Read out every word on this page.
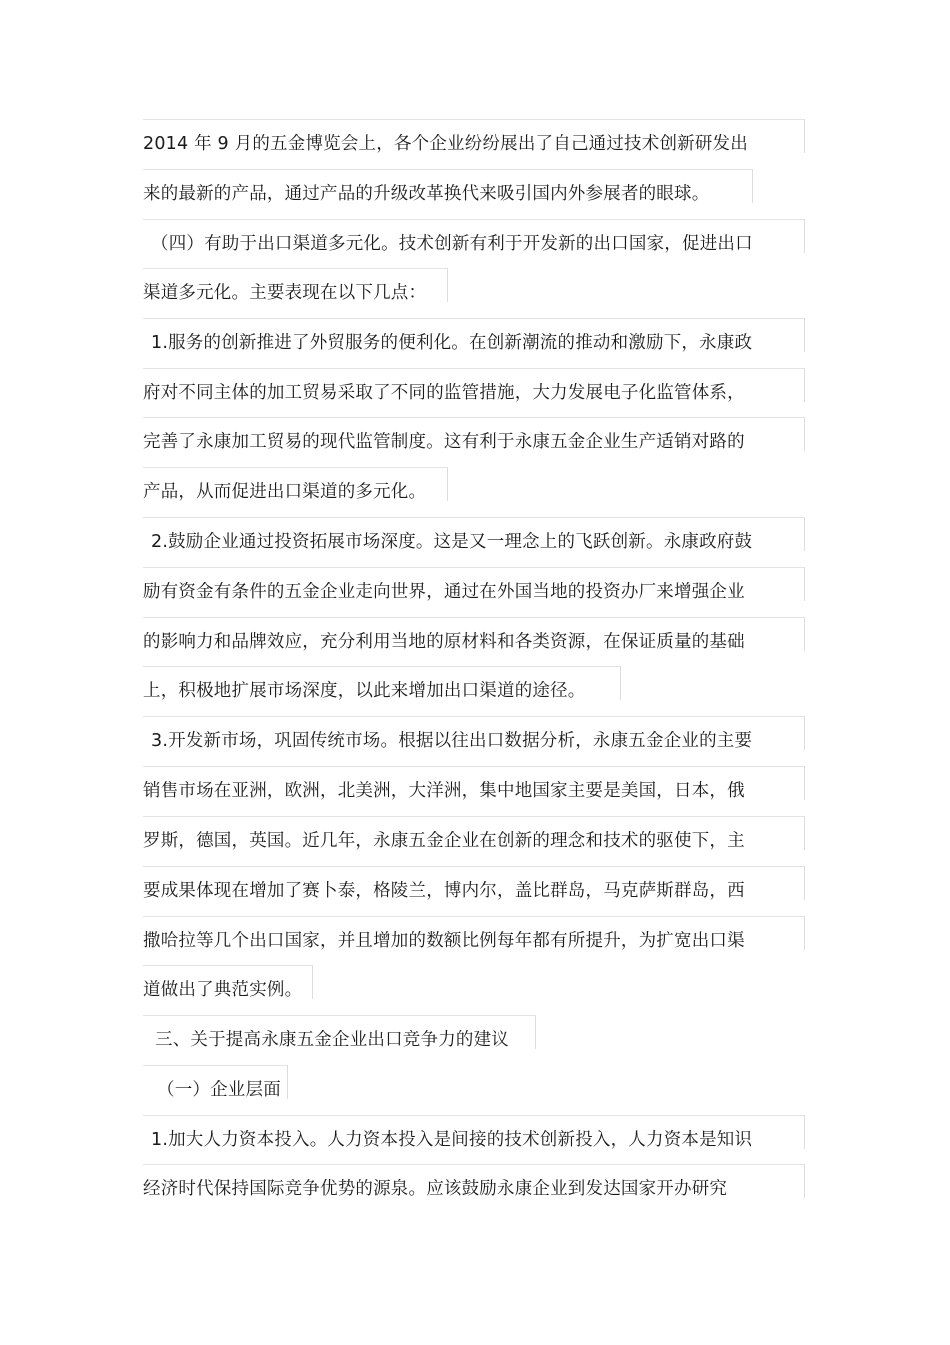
2014 年 9 月的五金博览会上，各个企业纷纷展出了自己通过技术创新研发出
来的最新的产品，通过产品的升级改革换代来吸引国内外参展者的眼球。
（四）有助于出口渠道多元化。技术创新有利于开发新的出口国家，促进出口
渠道多元化。主要表现在以下几点：
1.服务的创新推进了外贸服务的便利化。在创新潮流的推动和激励下，永康政
府对不同主体的加工贸易采取了不同的监管措施，大力发展电子化监管体系，
完善了永康加工贸易的现代监管制度。这有利于永康五金企业生产适销对路的
产品，从而促进出口渠道的多元化。
2.鼓励企业通过投资拓展市场深度。这是又一理念上的飞跃创新。永康政府鼓
励有资金有条件的五金企业走向世界，通过在外国当地的投资办厂来增强企业
的影响力和品牌效应，充分利用当地的原材料和各类资源，在保证质量的基础
上，积极地扩展市场深度，以此来增加出口渠道的途径。
3.开发新市场，巩固传统市场。根据以往出口数据分析，永康五金企业的主要
销售市场在亚洲，欧洲，北美洲，大洋洲，集中地国家主要是美国，日本，俄
罗斯，德国，英国。近几年，永康五金企业在创新的理念和技术的驱使下，主
要成果体现在增加了赛卜泰，格陵兰，博内尔，盖比群岛，马克萨斯群岛，西
撒哈拉等几个出口国家，并且增加的数额比例每年都有所提升，为扩宽出口渠
道做出了典范实例。
三、关于提高永康五金企业出口竞争力的建议
（一）企业层面
1.加大人力资本投入。人力资本投入是间接的技术创新投入，人力资本是知识
经济时代保持国际竞争优势的源泉。应该鼓励永康企业到发达国家开办研究
